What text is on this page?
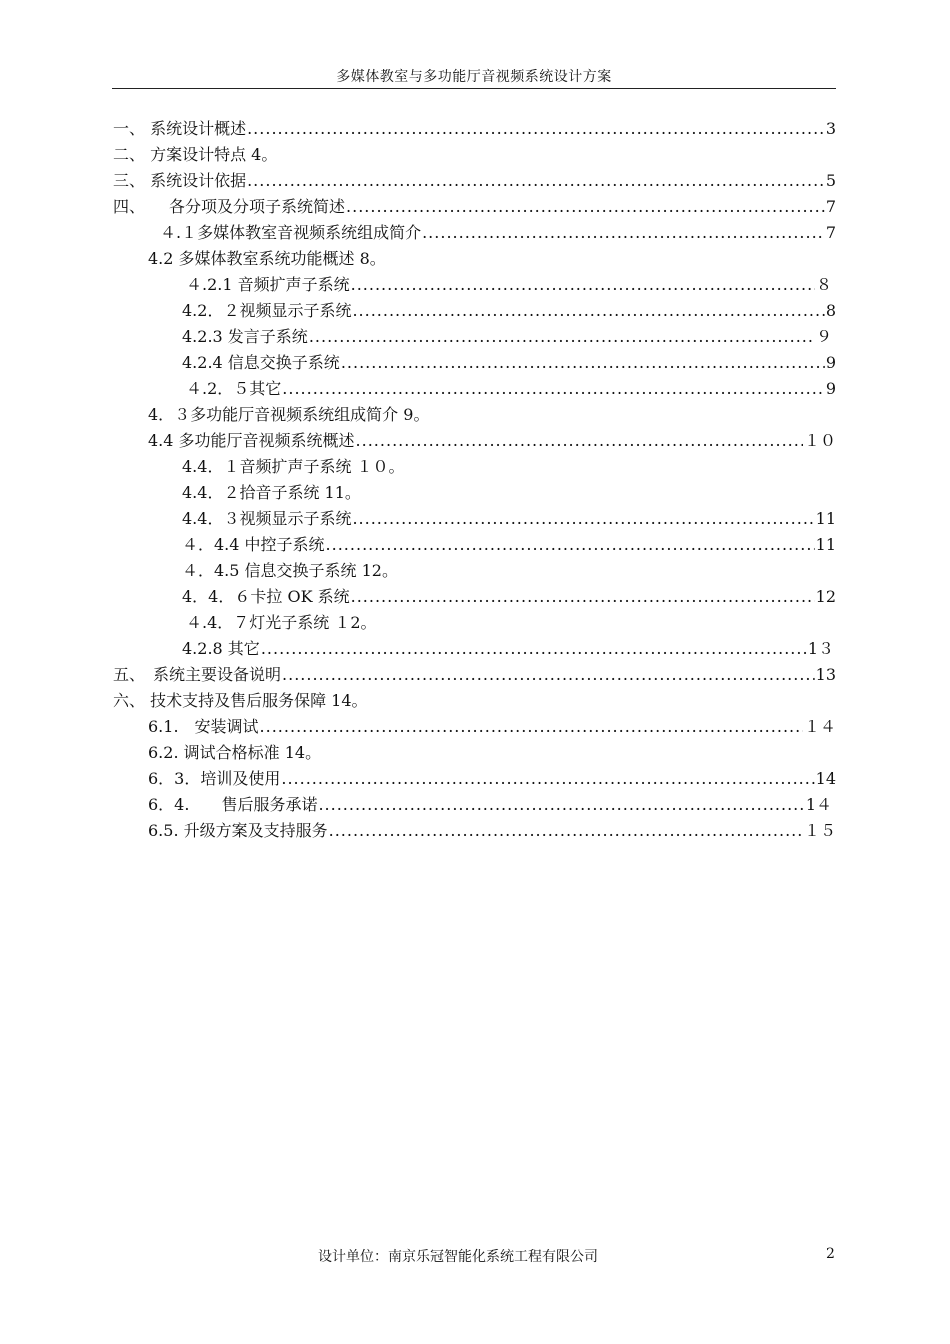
多媒体教室与多功能厅音视频系统设计方案
一、 系统设计概述 .....	3
二、 方案设计特点 4。
三、 系统设计依据 .....	5
四、　　各分项及分项子系统简述 .....	7
４.１多媒体教室音视频系统组成简介 .....	7
4.2 多媒体教室系统功能概述 8。
４.2.1 音频扩声子系统 .....	８
4.2．２视频显示子系统 .....	8
4.2.3 发言子系统 .....	９
4.2.4 信息交换子系统 .....	9
４.2．５其它 .....	9
4．３多功能厅音视频系统组成简介 9。
4.4 多功能厅音视频系统概述 .....	１０
4.4．１音频扩声子系统 １０。
4.4．２拾音子系统 11。
4.4．３视频显示子系统 .....	11
４．4.4 中控子系统 .....	11
４．4.5 信息交换子系统 12。
4．4．６卡拉 OK 系统 .....	12
４.4．７灯光子系统 １2。
4.2.8 其它 .....	1３
五、　系统主要设备说明 .....	13
六、 技术支持及售后服务保障 14。
6.1.　安装调试 .....	１４
6.2. 调试合格标准 14。
6．3．培训及使用 .....	14
6．4.　　售后服务承诺 .....	1４
6.5. 升级方案及支持服务 .....	１５
设计单位：南京乐冠智能化系统工程有限公司	2
